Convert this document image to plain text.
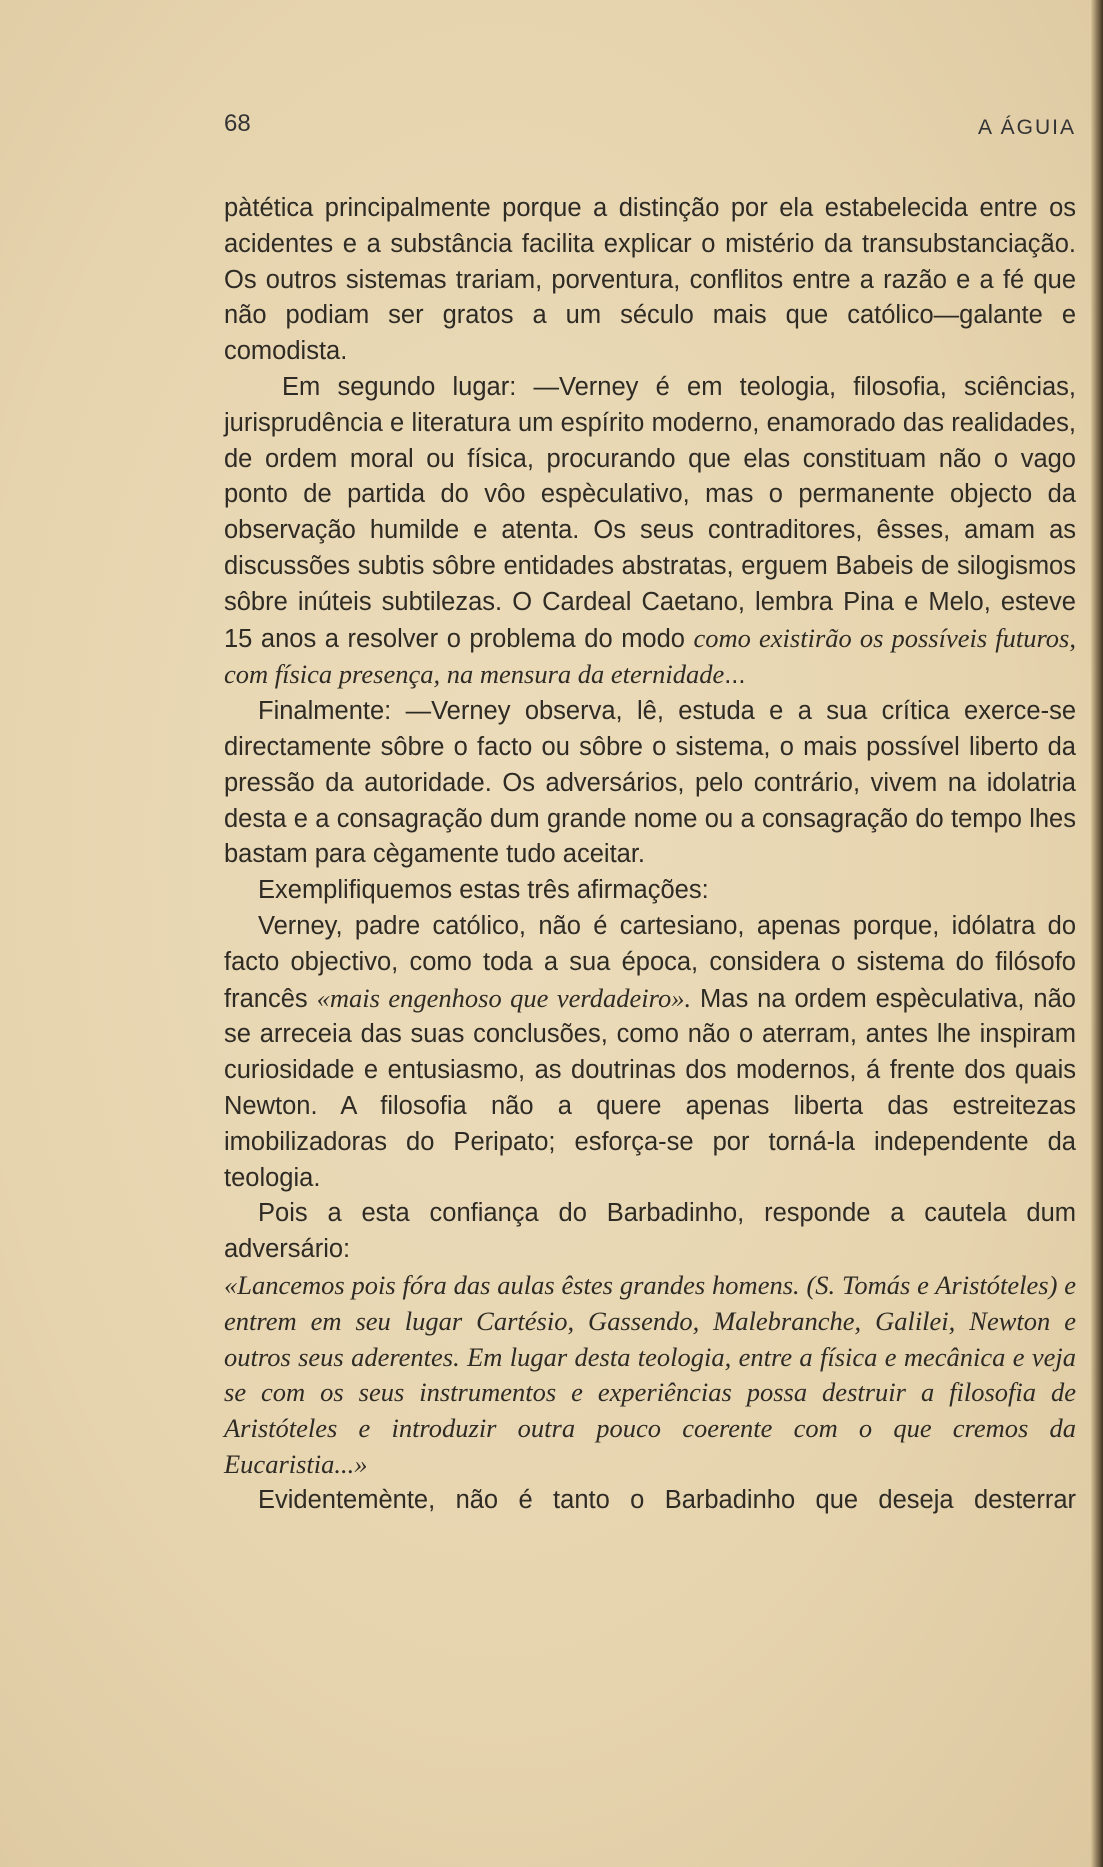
68	A ÁGUIA

pàtética principalmente porque a distinção por ela estabelecida entre os acidentes e a substância facilita explicar o mistério da transubstanciação. Os outros sistemas trariam, porventura, conflitos entre a razão e a fé que não podiam ser gratos a um século mais que católico—galante e comodista.

Em segundo lugar: —Verney é em teologia, filosofia, sciências, jurisprudência e literatura um espírito moderno, enamorado das realidades, de ordem moral ou física, procurando que elas constituam não o vago ponto de partida do vôo espèculativo, mas o permanente objecto da observação humilde e atenta. Os seus contraditores, êsses, amam as discussões subtis sôbre entidades abstratas, erguem Babeis de silogismos sôbre inúteis subtilezas. O Cardeal Caetano, lembra Pina e Melo, esteve 15 anos a resolver o problema do modo como existirão os possíveis futuros, com física presença, na mensura da eternidade...

Finalmente: —Verney observa, lê, estuda e a sua crítica exerce-se directamente sôbre o facto ou sôbre o sistema, o mais possível liberto da pressão da autoridade. Os adversários, pelo contrário, vivem na idolatria desta e a consagração dum grande nome ou a consagração do tempo lhes bastam para cègamente tudo aceitar.

Exemplifiquemos estas três afirmações:

Verney, padre católico, não é cartesiano, apenas porque, idólatra do facto objectivo, como toda a sua época, considera o sistema do filósofo francês «mais engenhoso que verdadeiro». Mas na ordem espèculativa, não se arreceia das suas conclusões, como não o aterram, antes lhe inspiram curiosidade e entusiasmo, as doutrinas dos modernos, á frente dos quais Newton. A filosofia não a quere apenas liberta das estreitezas imobilizadoras do Peripato; esforça-se por torná-la independente da teologia.

Pois a esta confiança do Barbadinho, responde a cautela dum adversário:

«Lancemos pois fóra das aulas êstes grandes homens. (S. Tomás e Aristóteles) e entrem em seu lugar Cartésio, Gassendo, Malebranche, Galilei, Newton e outros seus aderentes. Em lugar desta teologia, entre a física e mecânica e veja se com os seus instrumentos e experiências possa destruir a filosofia de Aristóteles e introduzir outra pouco coerente com o que cremos da Eucaristia...»

Evidentemènte, não é tanto o Barbadinho que deseja desterrar
